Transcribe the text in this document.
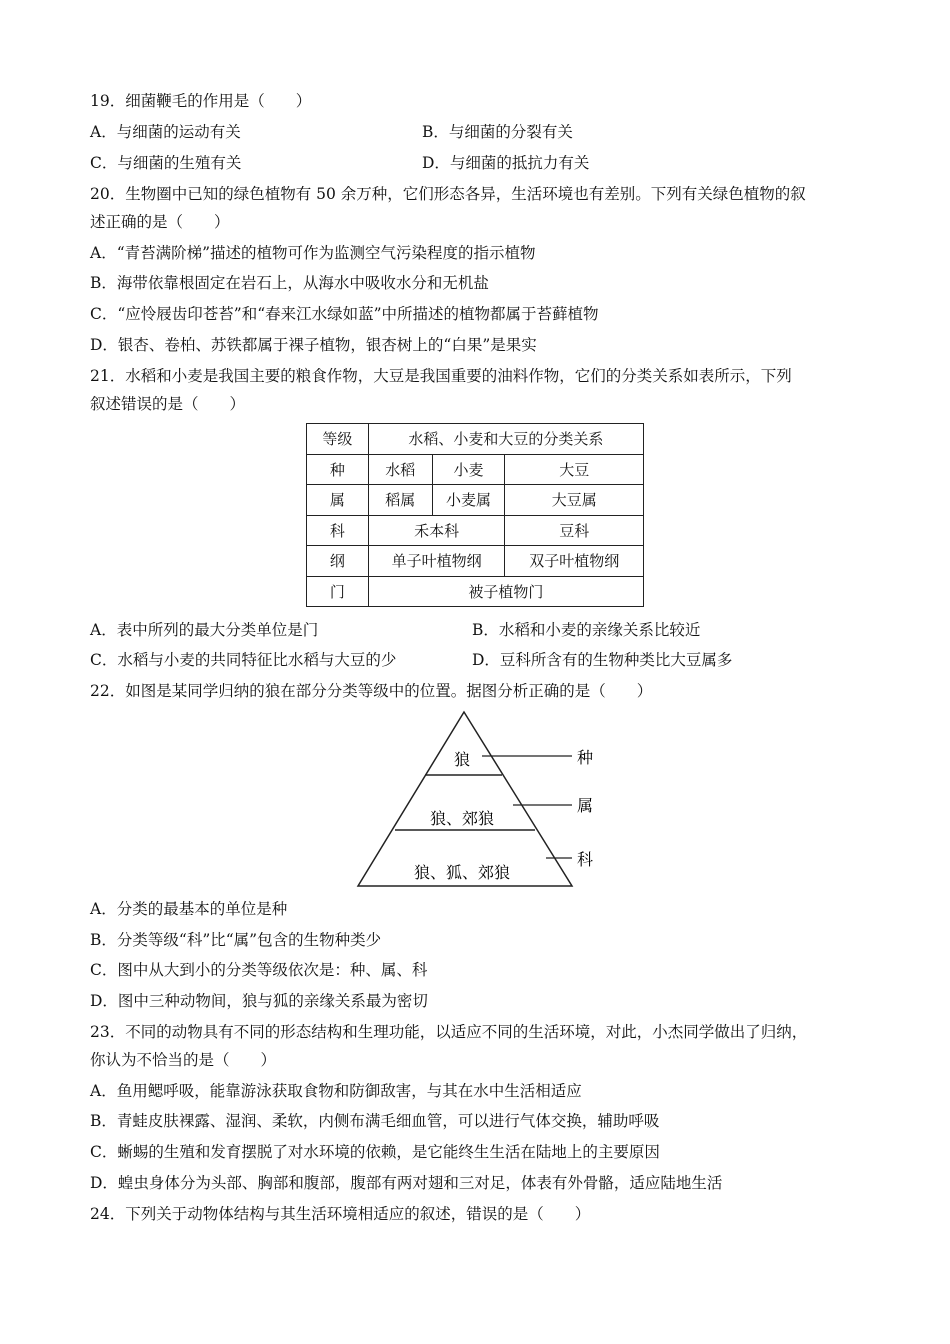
19．细菌鞭毛的作用是（　　）
A．与细菌的运动有关	B．与细菌的分裂有关
C．与细菌的生殖有关	D．与细菌的抵抗力有关
20．生物圈中已知的绿色植物有 50 余万种，它们形态各异，生活环境也有差别。下列有关绿色植物的叙
述正确的是（　　）
A．“青苔满阶梯”描述的植物可作为监测空气污染程度的指示植物
B．海带依靠根固定在岩石上，从海水中吸收水分和无机盐
C．“应怜屐齿印苍苔”和“春来江水绿如蓝”中所描述的植物都属于苔藓植物
D．银杏、卷柏、苏铁都属于裸子植物，银杏树上的“白果”是果实
21．水稻和小麦是我国主要的粮食作物，大豆是我国重要的油料作物，它们的分类关系如表所示，下列
叙述错误的是（　　）
等级	水稻、小麦和大豆的分类关系		
种	水稻	小麦	大豆
属	稻属	小麦属	大豆属
科	禾本科		豆科
纲	单子叶植物纲		双子叶植物纲
门	被子植物门		
A．表中所列的最大分类单位是门	B．水稻和小麦的亲缘关系比较近
C．水稻与小麦的共同特征比水稻与大豆的少	D．豆科所含有的生物种类比大豆属多
22．如图是某同学归纳的狼在部分分类等级中的位置。据图分析正确的是（　　）
狼
狼、郊狼
狼、狐、郊狼
种
属
科
A．分类的最基本的单位是种
B．分类等级“科”比“属”包含的生物种类少
C．图中从大到小的分类等级依次是：种、属、科
D．图中三种动物间，狼与狐的亲缘关系最为密切
23．不同的动物具有不同的形态结构和生理功能，以适应不同的生活环境，对此，小杰同学做出了归纳，
你认为不恰当的是（　　）
A．鱼用鳃呼吸，能靠游泳获取食物和防御敌害，与其在水中生活相适应
B．青蛙皮肤裸露、湿润、柔软，内侧布满毛细血管，可以进行气体交换，辅助呼吸
C．蜥蜴的生殖和发育摆脱了对水环境的依赖，是它能终生生活在陆地上的主要原因
D．蝗虫身体分为头部、胸部和腹部，腹部有两对翅和三对足，体表有外骨骼，适应陆地生活
24．下列关于动物体结构与其生活环境相适应的叙述，错误的是（　　）
